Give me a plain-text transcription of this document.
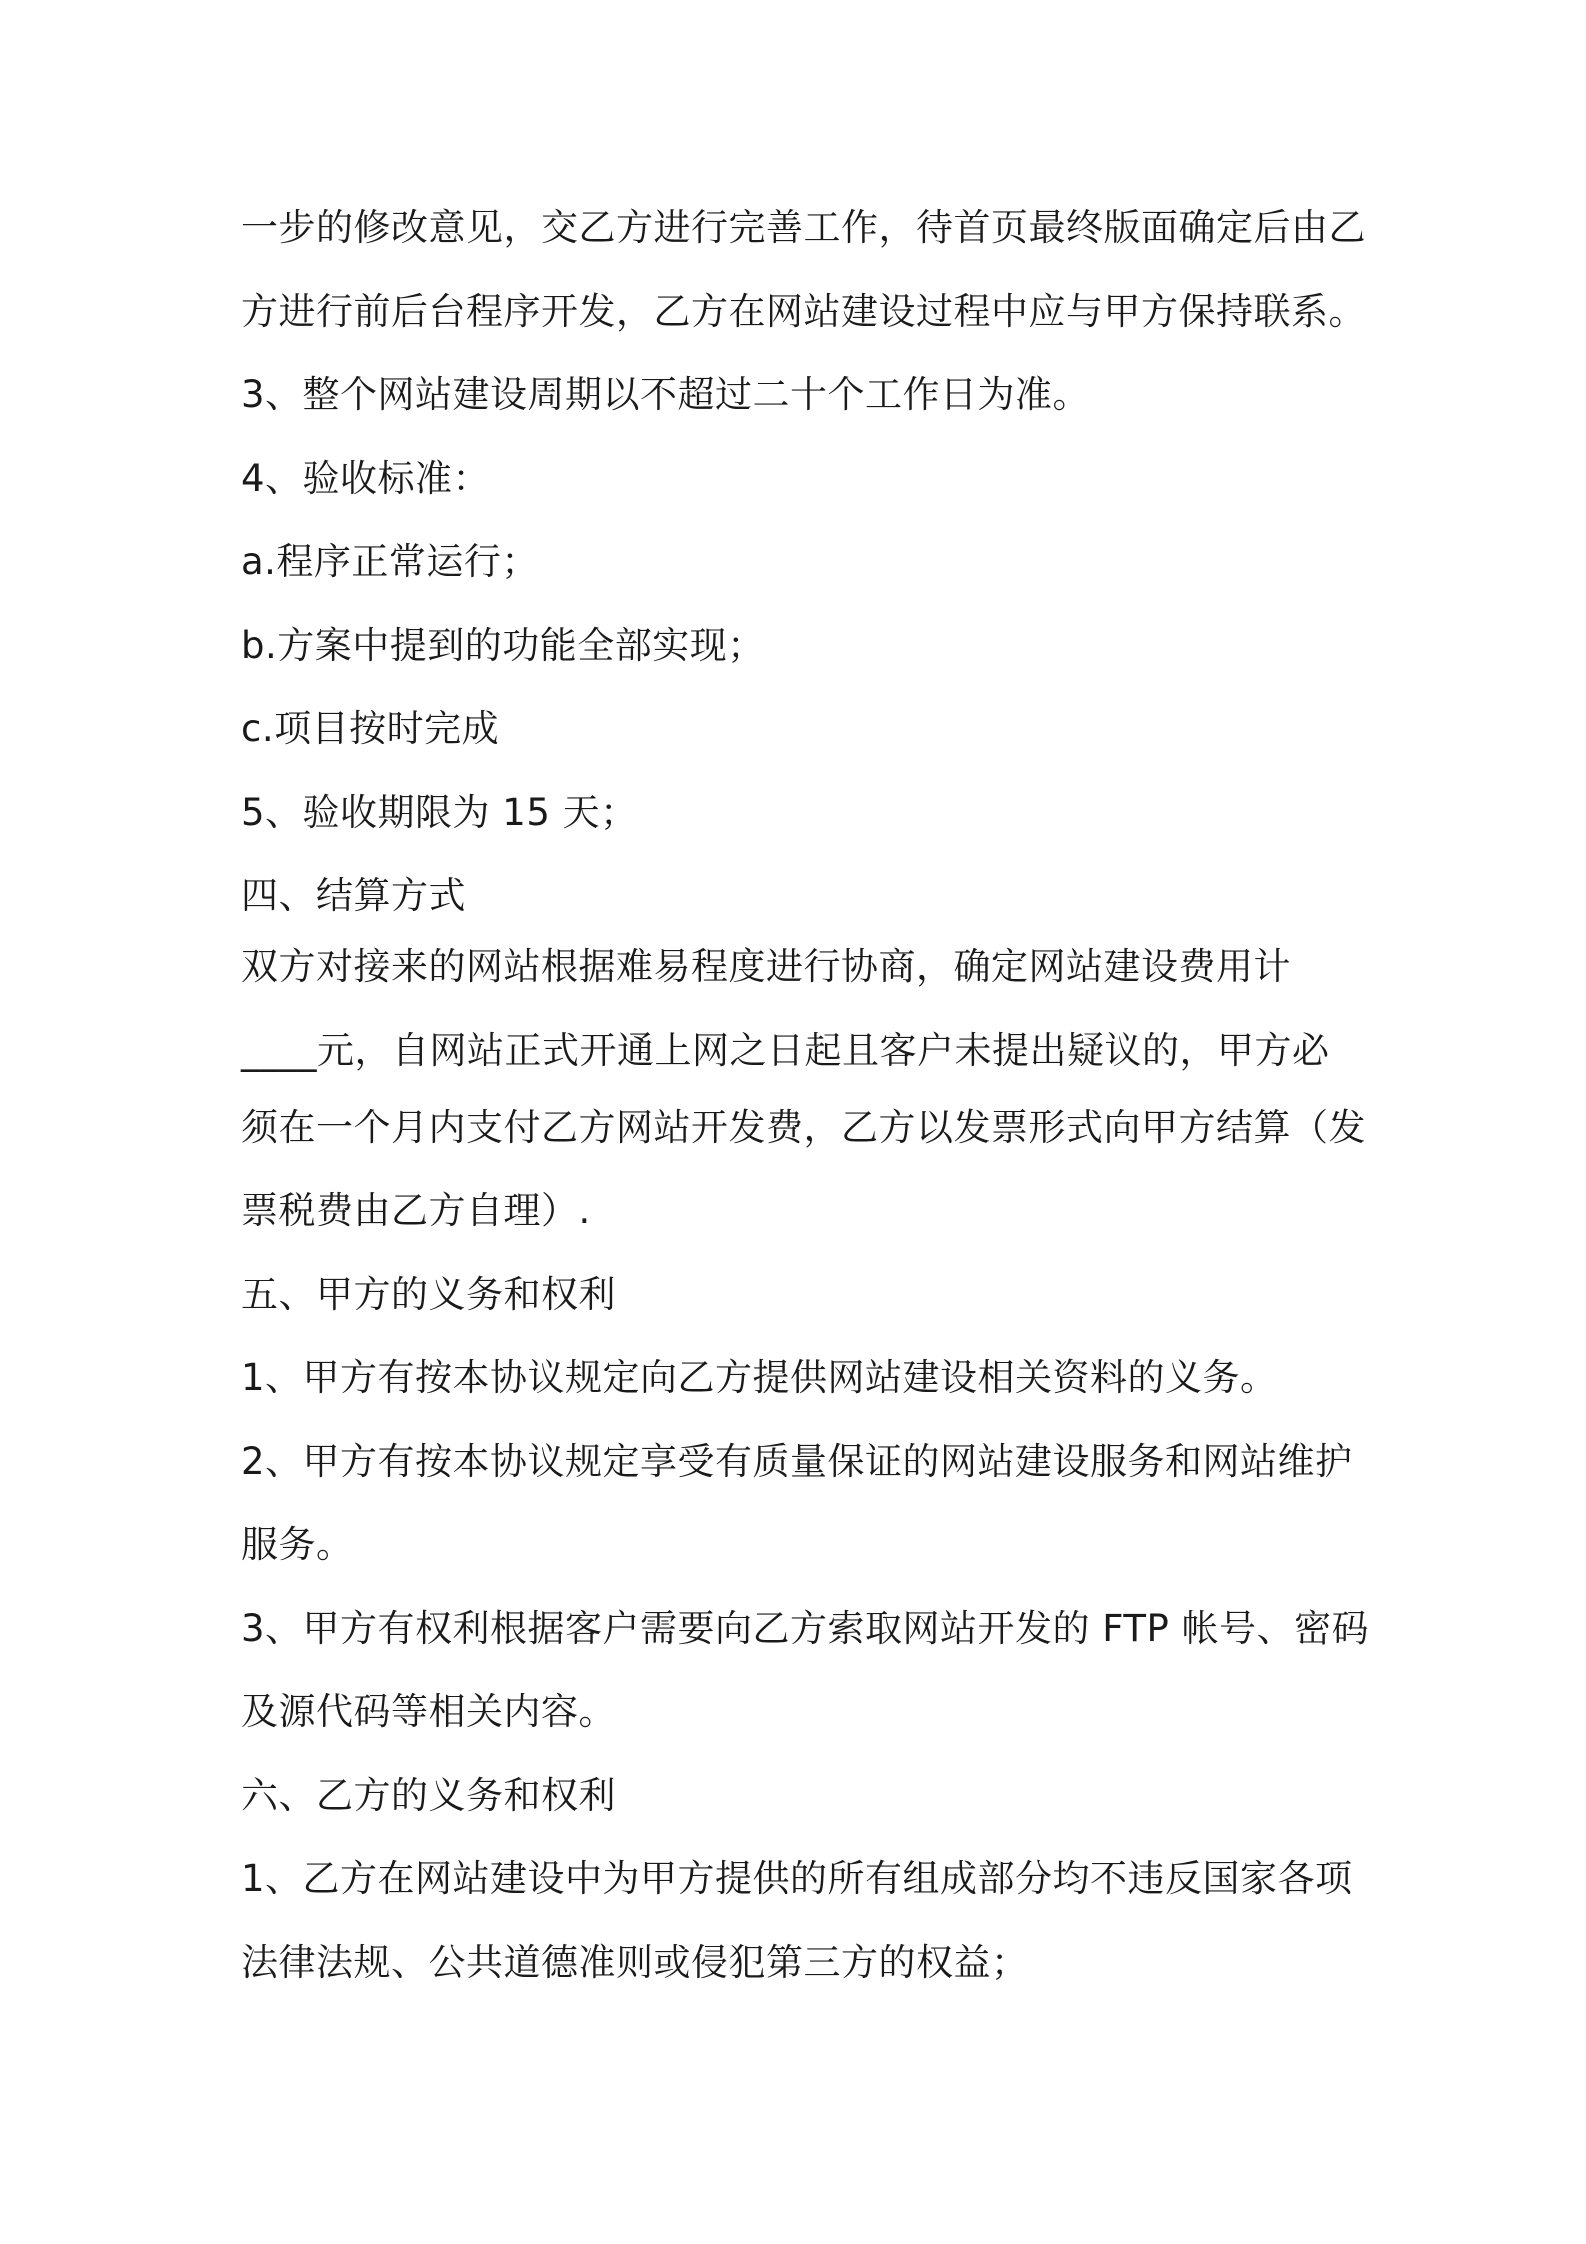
一步的修改意见，交乙方进行完善工作，待首页最终版面确定后由乙
方进行前后台程序开发，乙方在网站建设过程中应与甲方保持联系。
3、整个网站建设周期以不超过二十个工作日为准。
4、验收标准：
a.程序正常运行；
b.方案中提到的功能全部实现；
c.项目按时完成
5、验收期限为 15 天；
四、结算方式
双方对接来的网站根据难易程度进行协商，确定网站建设费用计
____元，自网站正式开通上网之日起且客户未提出疑议的，甲方必
须在一个月内支付乙方网站开发费，乙方以发票形式向甲方结算（发
票税费由乙方自理）.
五、甲方的义务和权利
1、甲方有按本协议规定向乙方提供网站建设相关资料的义务。
2、甲方有按本协议规定享受有质量保证的网站建设服务和网站维护
服务。
3、甲方有权利根据客户需要向乙方索取网站开发的 FTP 帐号、密码
及源代码等相关内容。
六、乙方的义务和权利
1、乙方在网站建设中为甲方提供的所有组成部分均不违反国家各项
法律法规、公共道德准则或侵犯第三方的权益；
